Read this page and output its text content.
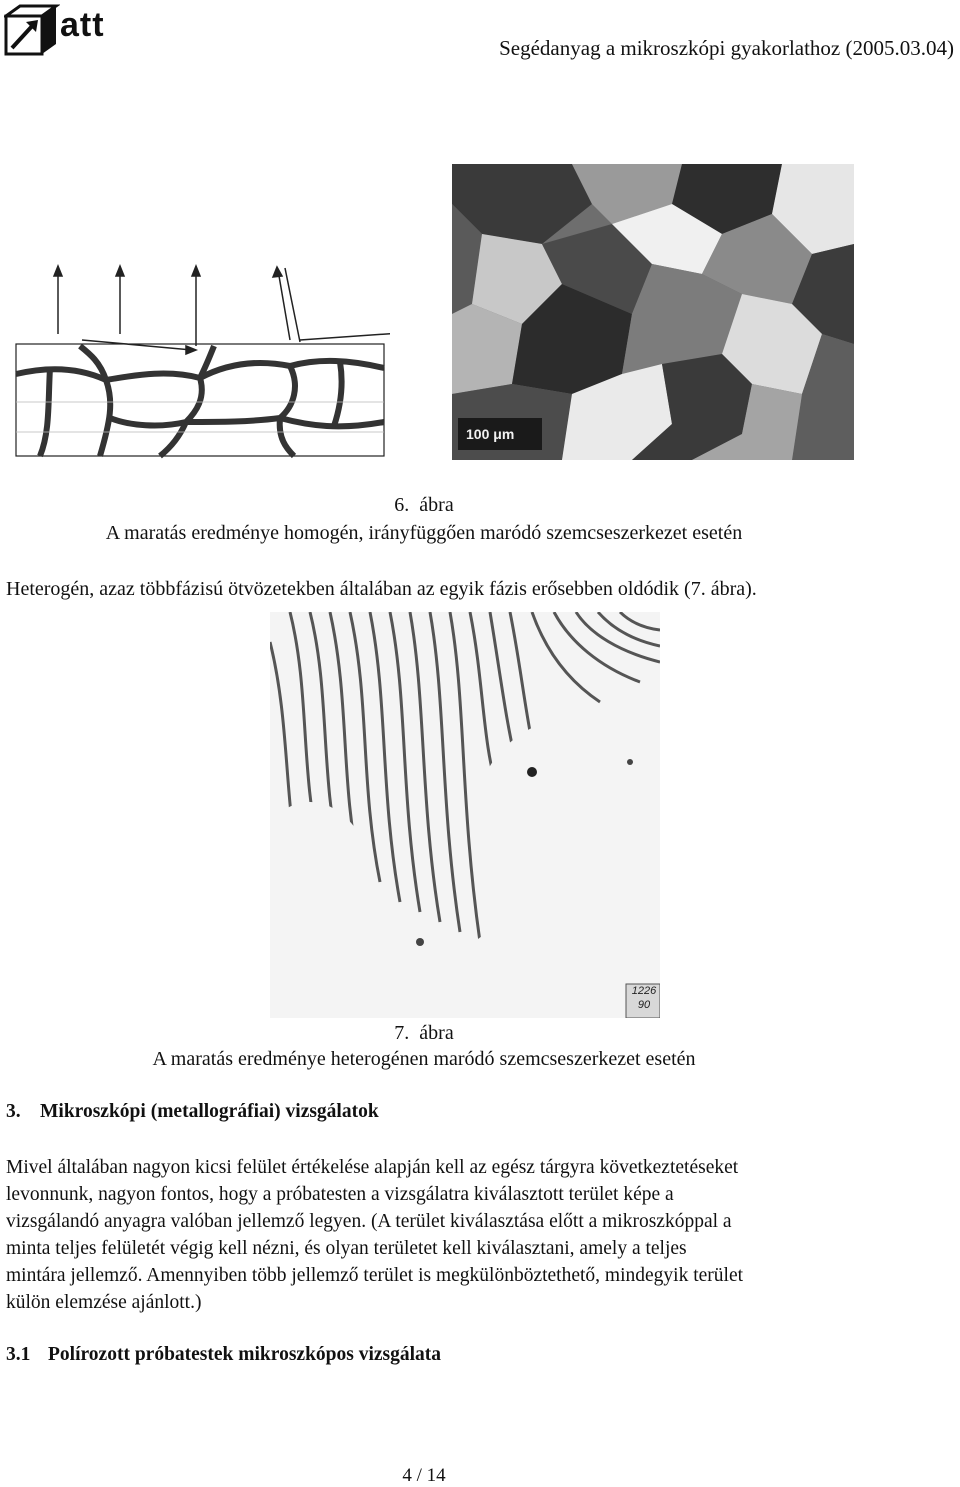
att
Segédanyag a mikroszkópi gyakorlathoz (2005.03.04)
100 μm
6. ábra
A maratás eredménye homogén, irányfüggően maródó szemcseszerkezet esetén
Heterogén, azaz többfázisú ötvözetekben általában az egyik fázis erősebben oldódik (7. ábra).
1226
90
7. ábra
A maratás eredménye heterogénen maródó szemcseszerkezet esetén
3. Mikroszkópi (metallográfiai) vizsgálatok
Mivel általában nagyon kicsi felület értékelése alapján kell az egész tárgyra következtetéseket
levonnunk, nagyon fontos, hogy a próbatesten a vizsgálatra kiválasztott terület képe a
vizsgálandó anyagra valóban jellemző legyen. (A terület kiválasztása előtt a mikroszkóppal a
minta teljes felületét végig kell nézni, és olyan területet kell kiválasztani, amely a teljes
mintára jellemző. Amennyiben több jellemző terület is megkülönböztethető, mindegyik terület
külön elemzése ajánlott.)
3.1 Polírozott próbatestek mikroszkópos vizsgálata
4 / 14
